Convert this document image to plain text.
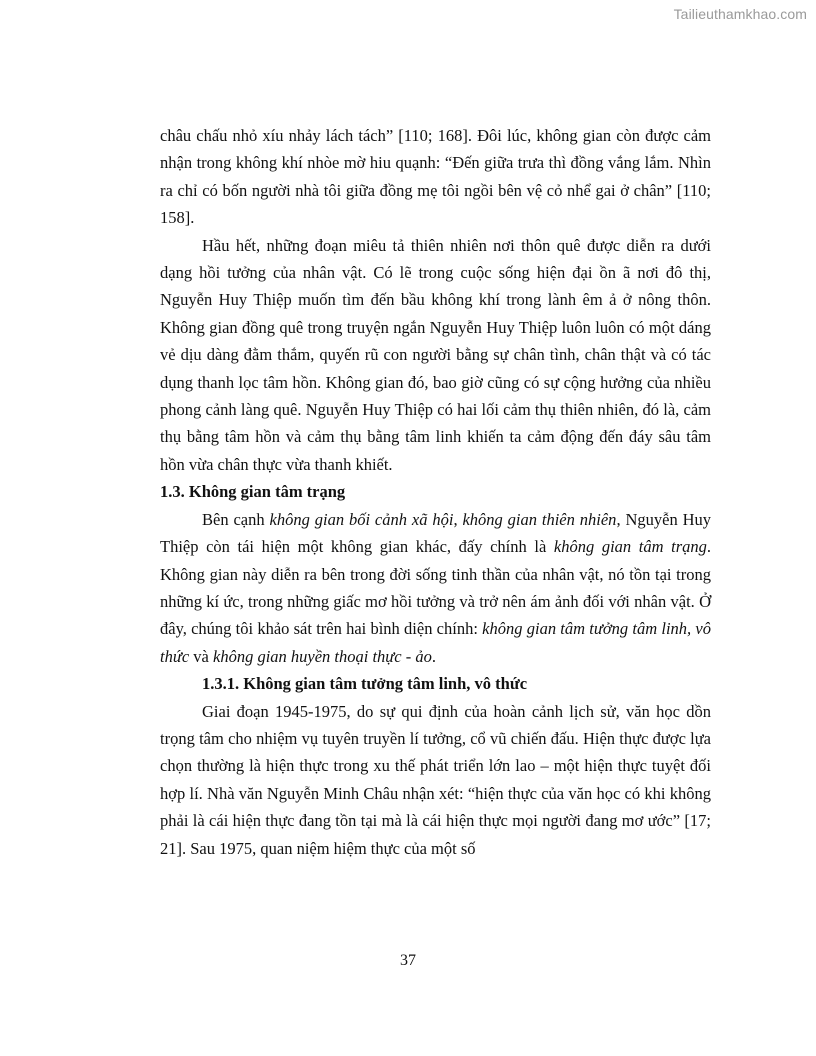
Tailieuthamkhao.com

châu chấu nhỏ xíu nhảy lách tách” [110; 168]. Đôi lúc, không gian còn được cảm nhận trong không khí nhòe mờ hiu quạnh: “Đến giữa trưa thì đồng vắng lắm. Nhìn ra chỉ có bốn người nhà tôi giữa đồng mẹ tôi ngồi bên vệ cỏ nhể gai ở chân” [110; 158].

Hầu hết, những đoạn miêu tả thiên nhiên nơi thôn quê được diễn ra dưới dạng hồi tưởng của nhân vật. Có lẽ trong cuộc sống hiện đại ồn ã nơi đô thị, Nguyễn Huy Thiệp muốn tìm đến bầu không khí trong lành êm ả ở nông thôn. Không gian đồng quê trong truyện ngắn Nguyễn Huy Thiệp luôn luôn có một dáng vẻ dịu dàng đằm thắm, quyến rũ con người bằng sự chân tình, chân thật và có tác dụng thanh lọc tâm hồn. Không gian đó, bao giờ cũng có sự cộng hưởng của nhiều phong cảnh làng quê. Nguyễn Huy Thiệp có hai lối cảm thụ thiên nhiên, đó là, cảm thụ bằng tâm hồn và cảm thụ bằng tâm linh khiến ta cảm động đến đáy sâu tâm hồn vừa chân thực vừa thanh khiết.

1.3. Không gian tâm trạng

Bên cạnh không gian bối cảnh xã hội, không gian thiên nhiên, Nguyễn Huy Thiệp còn tái hiện một không gian khác, đấy chính là không gian tâm trạng. Không gian này diễn ra bên trong đời sống tinh thần của nhân vật, nó tồn tại trong những kí ức, trong những giấc mơ hồi tưởng và trở nên ám ảnh đối với nhân vật. Ở đây, chúng tôi khảo sát trên hai bình diện chính: không gian tâm tưởng tâm linh, vô thức và không gian huyền thoại thực - ảo.

1.3.1. Không gian tâm tưởng tâm linh, vô thức

Giai đoạn 1945-1975, do sự qui định của hoàn cảnh lịch sử, văn học dồn trọng tâm cho nhiệm vụ tuyên truyền lí tưởng, cổ vũ chiến đấu. Hiện thực được lựa chọn thường là hiện thực trong xu thế phát triển lớn lao – một hiện thực tuyệt đối hợp lí. Nhà văn Nguyễn Minh Châu nhận xét: “hiện thực của văn học có khi không phải là cái hiện thực đang tồn tại mà là cái hiện thực mọi người đang mơ ước” [17; 21]. Sau 1975, quan niệm hiệm thực của một số

37
